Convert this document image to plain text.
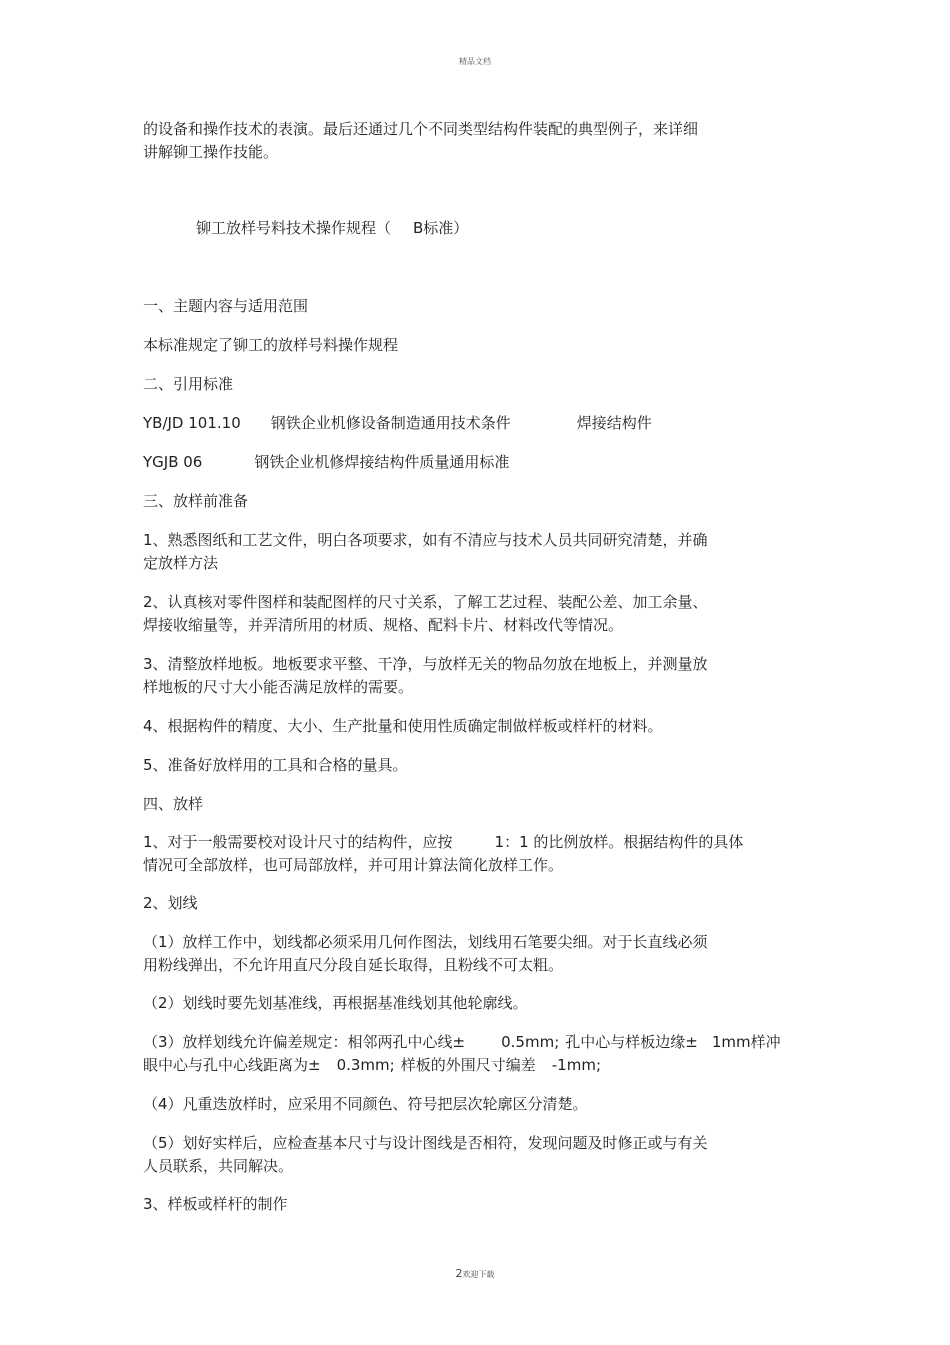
精品文档
的设备和操作技术的表演。最后还通过几个不同类型结构件装配的典型例子，来详细
讲解铆工操作技能。
铆工放样号料技术操作规程（ B标准）
一、主题内容与适用范围
本标准规定了铆工的放样号料操作规程
二、引用标准
YB/JD 101.10 钢铁企业机修设备制造通用技术条件	焊接结构件
YGJB 06	钢铁企业机修焊接结构件质量通用标准
三、放样前准备
1、熟悉图纸和工艺文件，明白各项要求，如有不清应与技术人员共同研究清楚，并确
定放样方法
2、认真核对零件图样和装配图样的尺寸关系，了解工艺过程、装配公差、加工余量、
焊接收缩量等，并弄清所用的材质、规格、配料卡片、材料改代等情况。
3、清整放样地板。地板要求平整、干净，与放样无关的物品勿放在地板上，并测量放
样地板的尺寸大小能否满足放样的需要。
4、根据构件的精度、大小、生产批量和使用性质确定制做样板或样杆的材料。
5、准备好放样用的工具和合格的量具。
四、放样
1、对于一般需要校对设计尺寸的结构件，应按	1：1 的比例放样。根据结构件的具体
情况可全部放样，也可局部放样，并可用计算法简化放样工作。
2、划线
（1）放样工作中，划线都必须采用几何作图法，划线用石笔要尖细。对于长直线必须
用粉线弹出，不允许用直尺分段自延长取得，且粉线不可太粗。
（2）划线时要先划基准线，再根据基准线划其他轮廓线。
（3）放样划线允许偏差规定：相邻两孔中心线± 0.5mm; 孔中心与样板边缘± 1mm样冲
眼中心与孔中心线距离为± 0.3mm; 样板的外围尺寸编差 -1mm;
（4）凡重迭放样时，应采用不同颜色、符号把层次轮廓区分清楚。
（5）划好实样后，应检查基本尺寸与设计图线是否相符，发现问题及时修正或与有关
人员联系，共同解决。
3、样板或样杆的制作
2欢迎下载
